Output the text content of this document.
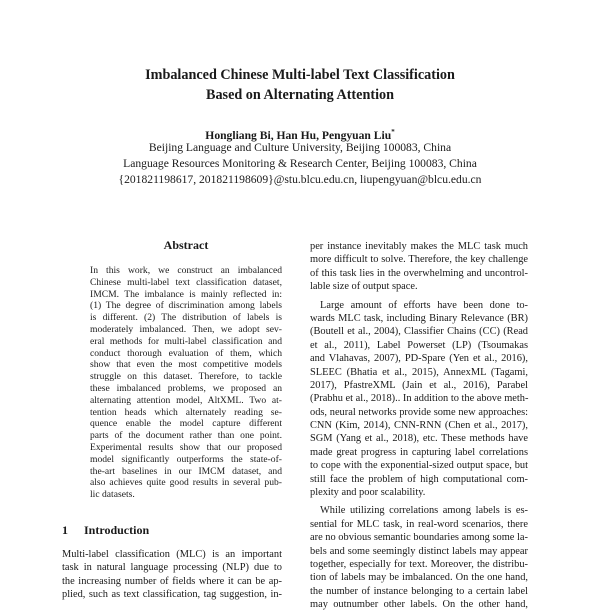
Imbalanced Chinese Multi-label Text Classification
Based on Alternating Attention
Hongliang Bi, Han Hu, Pengyuan Liu*
Beijing Language and Culture University, Beijing 100083, China
Language Resources Monitoring & Research Center, Beijing 100083, China
{201821198617, 201821198609}@stu.blcu.edu.cn, liupengyuan@blcu.edu.cn
Abstract
In this work, we construct an imbalanced
Chinese multi-label text classification dataset,
IMCM. The imbalance is mainly reflected in:
(1) The degree of discrimination among labels
is different. (2) The distribution of labels is
moderately imbalanced. Then, we adopt sev-
eral methods for multi-label classification and
conduct thorough evaluation of them, which
show that even the most competitive models
struggle on this dataset. Therefore, to tackle
these imbalanced problems, we proposed an
alternating attention model, AltXML. Two at-
tention heads which alternately reading se-
quence enable the model capture different
parts of the document rather than one point.
Experimental results show that our proposed
model significantly outperforms the state-of-
the-art baselines in our IMCM dataset, and
also achieves quite good results in several pub-
lic datasets.
1 Introduction
Multi-label classification (MLC) is an important
task in natural language processing (NLP) due to
the increasing number of fields where it can be ap-
plied, such as text classification, tag suggestion, in-
per instance inevitably makes the MLC task much
more difficult to solve. Therefore, the key challenge
of this task lies in the overwhelming and uncontrol-
lable size of output space.
Large amount of efforts have been done to-
wards MLC task, including Binary Relevance (BR)
(Boutell et al., 2004), Classifier Chains (CC) (Read
et al., 2011), Label Powerset (LP) (Tsoumakas
and Vlahavas, 2007), PD-Spare (Yen et al., 2016),
SLEEC (Bhatia et al., 2015), AnnexML (Tagami,
2017), PfastreXML (Jain et al., 2016), Parabel
(Prabhu et al., 2018).. In addition to the above meth-
ods, neural networks provide some new approaches:
CNN (Kim, 2014), CNN-RNN (Chen et al., 2017),
SGM (Yang et al., 2018), etc. These methods have
made great progress in capturing label correlations
to cope with the exponential-sized output space, but
still face the problem of high computational com-
plexity and poor scalability.
While utilizing correlations among labels is es-
sential for MLC task, in real-word scenarios, there
are no obvious semantic boundaries among some la-
bels and some seemingly distinct labels may appear
together, especially for text. Moreover, the distribu-
tion of labels may be imbalanced. On the one hand,
the number of instance belonging to a certain label
may outnumber other labels. On the other hand,
